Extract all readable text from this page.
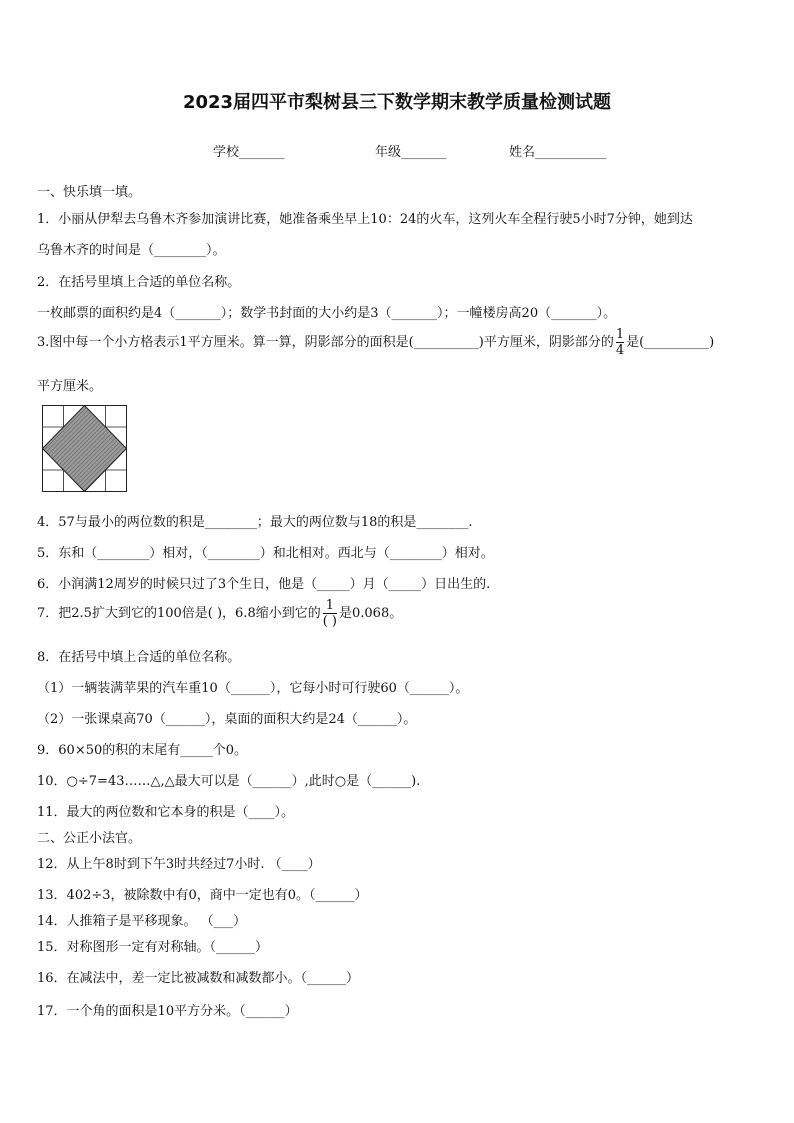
2023届四平市梨树县三下数学期末教学质量检测试题
学校_______	年级_______	姓名___________
一、快乐填一填。
1．小丽从伊犁去乌鲁木齐参加演讲比赛，她准备乘坐早上10：24的火车，这列火车全程行驶5小时7分钟，她到达
乌鲁木齐的时间是（________）。
2．在括号里填上合适的单位名称。
一枚邮票的面积约是4（_______）；数学书封面的大小约是3（_______）；一幢楼房高20（_______）。
3.图中每一个小方格表示1平方厘米。算一算，阴影部分的面积是(__________)平方厘米，阴影部分的 $\frac{1}{4}$ 是(__________)
平方厘米。
4．57与最小的两位数的积是________；最大的两位数与18的积是________.
5．东和（________）相对，（________）和北相对。西北与（________）相对。
6．小润满12周岁的时候只过了3个生日，他是（_____）月（_____）日出生的.
7．把2.5扩大到它的100倍是( )，6.8缩小到它的 $\frac{1}{( )}$ 是0.068。
8．在括号中填上合适的单位名称。
（1）一辆装满苹果的汽车重10（______），它每小时可行驶60（______）。
（2）一张课桌高70（______），桌面的面积大约是24（______）。
9．60×50的积的末尾有_____个0。
10．○÷7=43……△,△最大可以是（______）,此时○是（______).
11．最大的两位数和它本身的积是（____）。
二、公正小法官。
12．从上午8时到下午3时共经过7小时. （____）
13．402÷3，被除数中有0，商中一定也有0。（______）
14．人推箱子是平移现象。 （___）
15．对称图形一定有对称轴。（______）
16．在减法中，差一定比被减数和减数都小。（______）
17．一个角的面积是10平方分米。（______）
